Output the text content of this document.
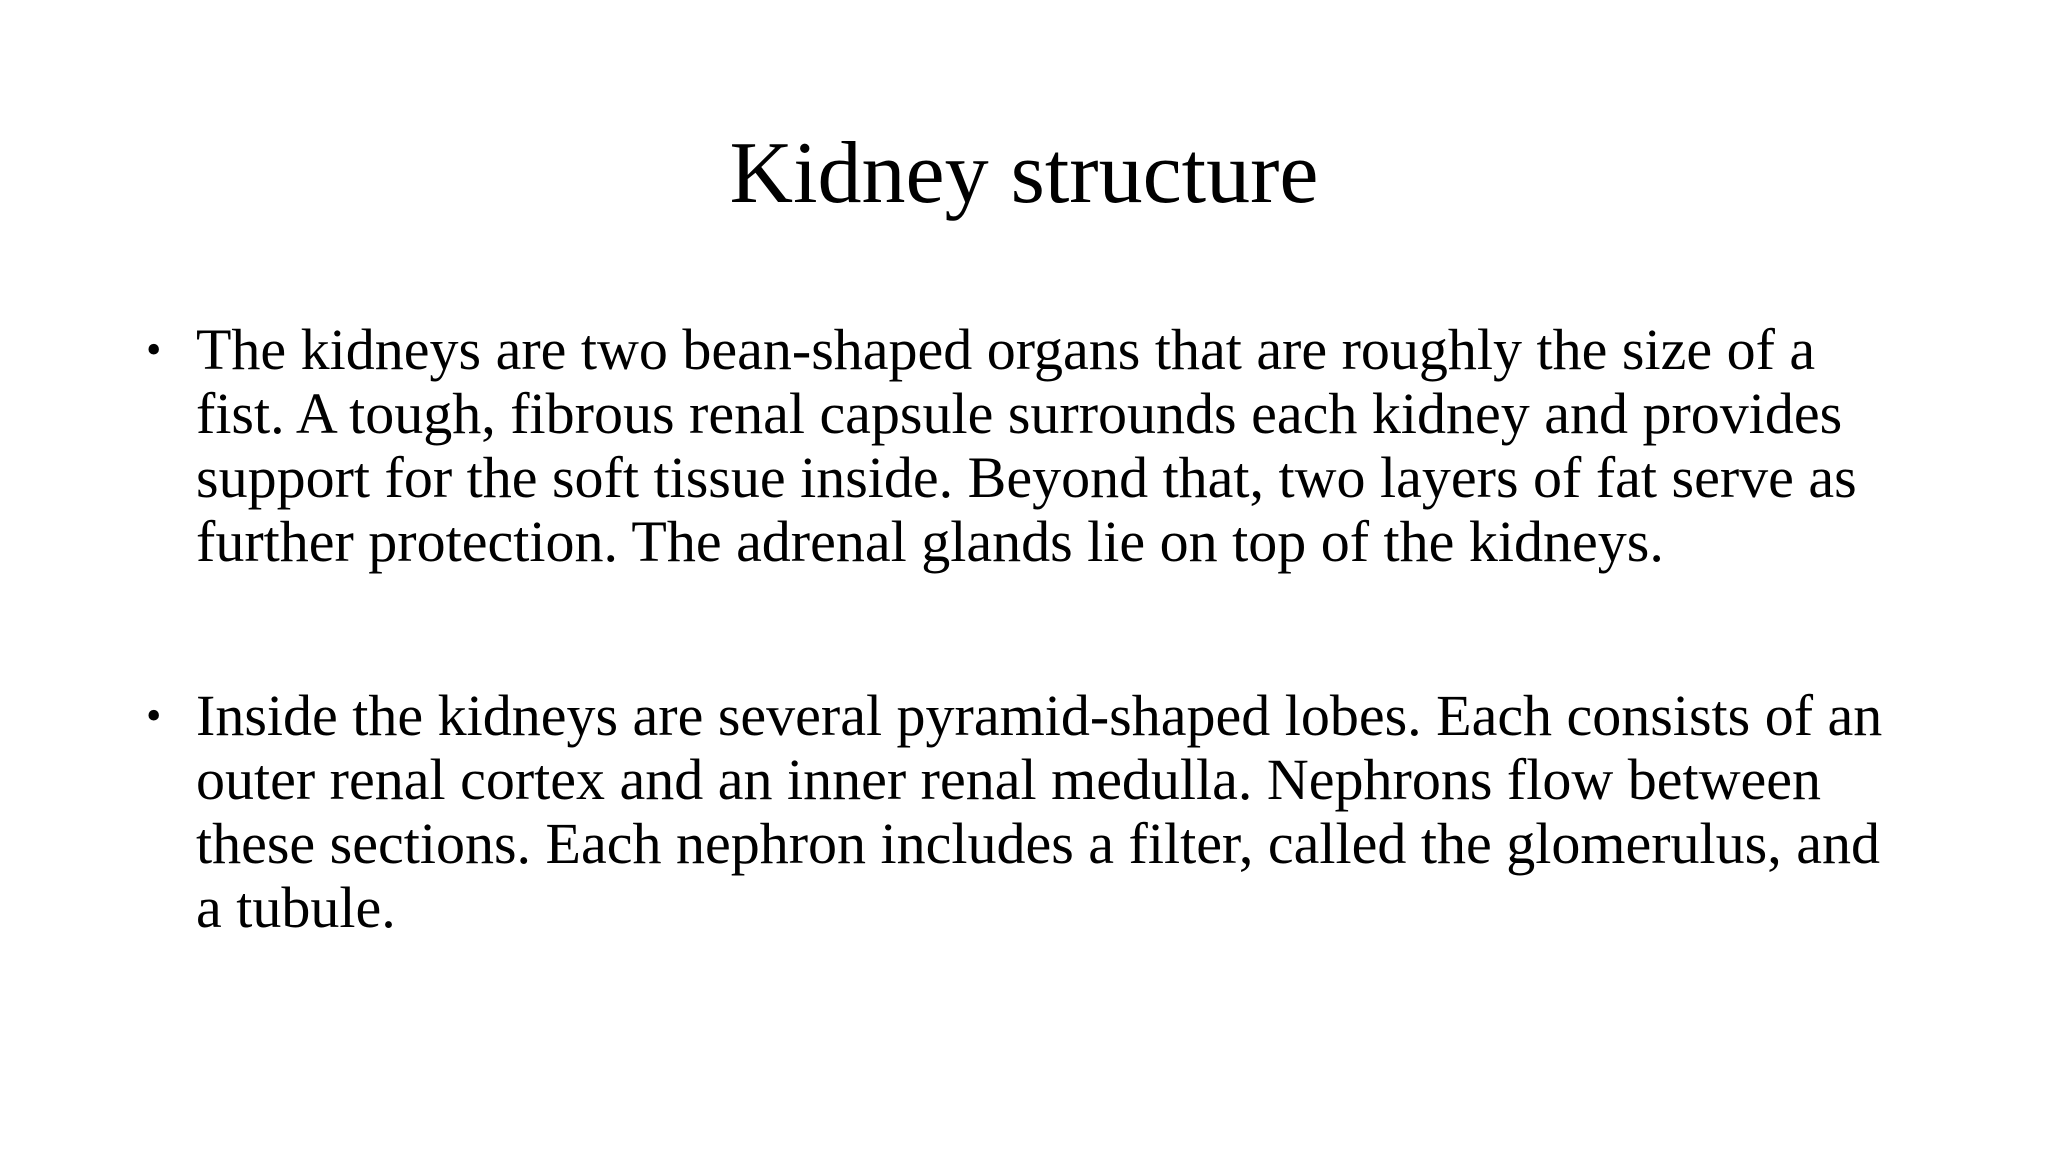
Kidney structure
• The kidneys are two bean-shaped organs that are roughly the size of a fist. A tough, fibrous renal capsule surrounds each kidney and provides support for the soft tissue inside. Beyond that, two layers of fat serve as further protection. The adrenal glands lie on top of the kidneys.
• Inside the kidneys are several pyramid-shaped lobes. Each consists of an outer renal cortex and an inner renal medulla. Nephrons flow between these sections. Each nephron includes a filter, called the glomerulus, and a tubule.
